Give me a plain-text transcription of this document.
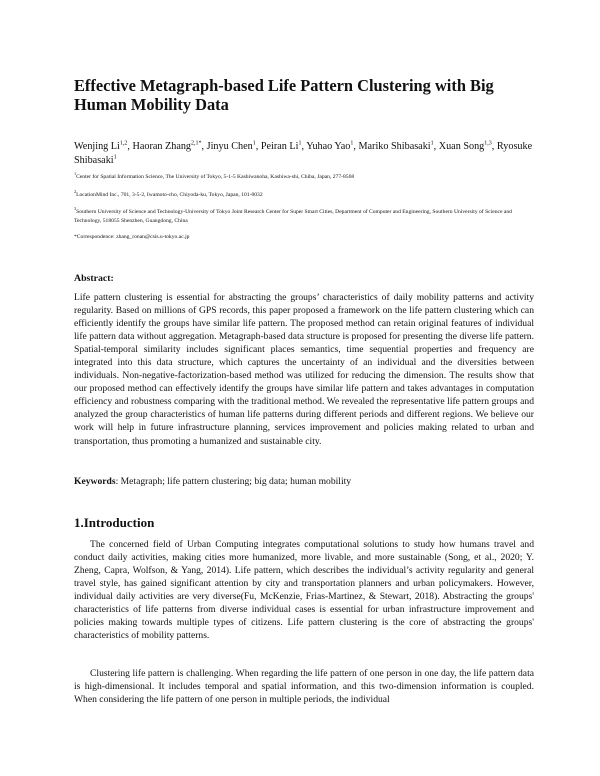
Effective Metagraph-based Life Pattern Clustering with Big Human Mobility Data
Wenjing Li$^{1,2}$, Haoran Zhang$^{2,1*}$, Jinyu Chen$^1$, Peiran Li$^1$, Yuhao Yao$^1$, Mariko Shibasaki$^1$, Xuan Song$^{1,3}$, Ryosuke Shibasaki$^1$
$^1$Center for Spatial Information Science, The University of Tokyo, 5-1-5 Kashiwanoha, Kashiwa-shi, Chiba, Japan, 277-8568
$^2$LocationMind Inc., 701, 3-5-2, Iwamoto-cho, Chiyoda-ku, Tokyo, Japan, 101-0032
$^3$Southern University of Science and Technology-University of Tokyo Joint Research Center for Super Smart Cities, Department of Computer and Engineering, Southern University of Science and Technology, 518055 Shenzhen, Guangdong, China
*Correspondence: zhang_ronan@csis.u-tokyo.ac.jp
Abstract:
Life pattern clustering is essential for abstracting the groups’ characteristics of daily mobility patterns and activity regularity. Based on millions of GPS records, this paper proposed a framework on the life pattern clustering which can efficiently identify the groups have similar life pattern. The proposed method can retain original features of individual life pattern data without aggregation. Metagraph-based data structure is proposed for presenting the diverse life pattern. Spatial-temporal similarity includes significant places semantics, time sequential properties and frequency are integrated into this data structure, which captures the uncertainty of an individual and the diversities between individuals. Non-negative-factorization-based method was utilized for reducing the dimension. The results show that our proposed method can effectively identify the groups have similar life pattern and takes advantages in computation efficiency and robustness comparing with the traditional method. We revealed the representative life pattern groups and analyzed the group characteristics of human life patterns during different periods and different regions. We believe our work will help in future infrastructure planning, services improvement and policies making related to urban and transportation, thus promoting a humanized and sustainable city.
Keywords: Metagraph; life pattern clustering; big data; human mobility
1.Introduction
The concerned field of Urban Computing integrates computational solutions to study how humans travel and conduct daily activities, making cities more humanized, more livable, and more sustainable (Song, et al., 2020; Y. Zheng, Capra, Wolfson, & Yang, 2014). Life pattern, which describes the individual’s activity regularity and general travel style, has gained significant attention by city and transportation planners and urban policymakers. However, individual daily activities are very diverse(Fu, McKenzie, Frias-Martinez, & Stewart, 2018). Abstracting the groups' characteristics of life patterns from diverse individual cases is essential for urban infrastructure improvement and policies making towards multiple types of citizens. Life pattern clustering is the core of abstracting the groups' characteristics of mobility patterns.
Clustering life pattern is challenging. When regarding the life pattern of one person in one day, the life pattern data is high-dimensional. It includes temporal and spatial information, and this two-dimension information is coupled. When considering the life pattern of one person in multiple periods, the individual
